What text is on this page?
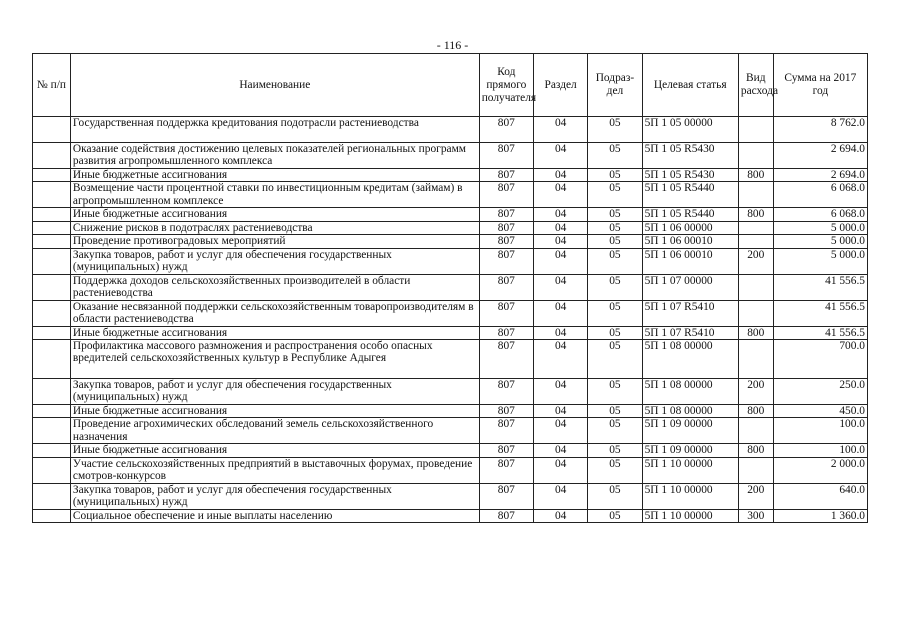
- 116 -
№ п/п	Наименование	Код прямого получателя	Раздел	Подраз-дел	Целевая статья	Вид расхода	Сумма на 2017 год
	Государственная поддержка кредитования подотрасли растениеводства	807	04	05	5П 1 05 00000		8 762.0
	Оказание содействия достижению целевых показателей региональных программ развития агропромышленного комплекса	807	04	05	5П 1 05 R5430		2 694.0
	Иные бюджетные ассигнования	807	04	05	5П 1 05 R5430	800	2 694.0
	Возмещение части процентной ставки по инвестиционным кредитам (займам) в агропромышленном комплексе	807	04	05	5П 1 05 R5440		6 068.0
	Иные бюджетные ассигнования	807	04	05	5П 1 05 R5440	800	6 068.0
	Снижение рисков в подотраслях растениеводства	807	04	05	5П 1 06 00000		5 000.0
	Проведение противоградовых мероприятий	807	04	05	5П 1 06 00010		5 000.0
	Закупка товаров, работ и услуг для обеспечения государственных (муниципальных) нужд	807	04	05	5П 1 06 00010	200	5 000.0
	Поддержка доходов сельскохозяйственных производителей в области растениеводства	807	04	05	5П 1 07 00000		41 556.5
	Оказание несвязанной поддержки сельскохозяйственным товаропроизводителям в области растениеводства	807	04	05	5П 1 07 R5410		41 556.5
	Иные бюджетные ассигнования	807	04	05	5П 1 07 R5410	800	41 556.5
	Профилактика массового размножения и распространения особо опасных вредителей сельскохозяйственных культур в Республике Адыгея	807	04	05	5П 1 08 00000		700.0
	Закупка товаров, работ и услуг для обеспечения государственных (муниципальных) нужд	807	04	05	5П 1 08 00000	200	250.0
	Иные бюджетные ассигнования	807	04	05	5П 1 08 00000	800	450.0
	Проведение агрохимических обследований земель сельскохозяйственного назначения	807	04	05	5П 1 09 00000		100.0
	Иные бюджетные ассигнования	807	04	05	5П 1 09 00000	800	100.0
	Участие сельскохозяйственных предприятий в выставочных форумах, проведение смотров-конкурсов	807	04	05	5П 1 10 00000		2 000.0
	Закупка товаров, работ и услуг для обеспечения государственных (муниципальных) нужд	807	04	05	5П 1 10 00000	200	640.0
	Социальное обеспечение и иные выплаты населению	807	04	05	5П 1 10 00000	300	1 360.0
